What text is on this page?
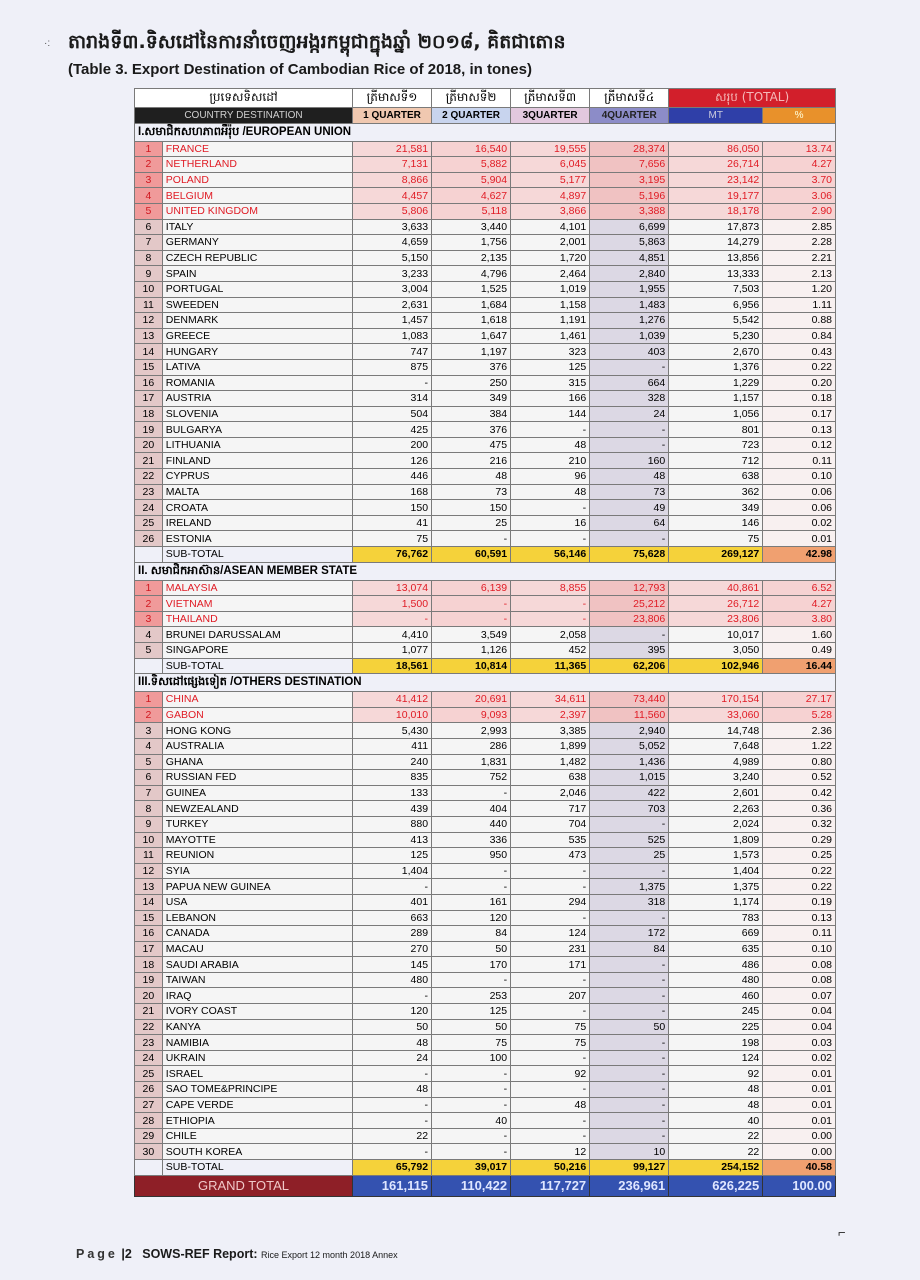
·: តារាងទី៣.ទិសដៅនៃការនាំចេញអង្ករកម្ពុជាក្នុងឆ្នាំ ២០១៨, គិតជាតោន
(Table 3. Export Destination of Cambodian Rice of 2018, in tones)
ប្រទេសទិសដៅ		ត្រីមាសទី១	ត្រីមាសទី២	ត្រីមាសទី៣	ត្រីមាសទី៤	សរុប (TOTAL)	
COUNTRY DESTINATION		1 QUARTER	2 QUARTER	3QUARTER	4QUARTER	MT	%
I.សមាជិកសហភាពអឺរ៉ុប /EUROPEAN UNION							
1	FRANCE	21,581	16,540	19,555	28,374	86,050	13.74
2	NETHERLAND	7,131	5,882	6,045	7,656	26,714	4.27
3	POLAND	8,866	5,904	5,177	3,195	23,142	3.70
4	BELGIUM	4,457	4,627	4,897	5,196	19,177	3.06
5	UNITED KINGDOM	5,806	5,118	3,866	3,388	18,178	2.90
6	ITALY	3,633	3,440	4,101	6,699	17,873	2.85
7	GERMANY	4,659	1,756	2,001	5,863	14,279	2.28
8	CZECH REPUBLIC	5,150	2,135	1,720	4,851	13,856	2.21
9	SPAIN	3,233	4,796	2,464	2,840	13,333	2.13
10	PORTUGAL	3,004	1,525	1,019	1,955	7,503	1.20
11	SWEEDEN	2,631	1,684	1,158	1,483	6,956	1.11
12	DENMARK	1,457	1,618	1,191	1,276	5,542	0.88
13	GREECE	1,083	1,647	1,461	1,039	5,230	0.84
14	HUNGARY	747	1,197	323	403	2,670	0.43
15	LATIVA	875	376	125	-	1,376	0.22
16	ROMANIA	-	250	315	664	1,229	0.20
17	AUSTRIA	314	349	166	328	1,157	0.18
18	SLOVENIA	504	384	144	24	1,056	0.17
19	BULGARYA	425	376	-	-	801	0.13
20	LITHUANIA	200	475	48	-	723	0.12
21	FINLAND	126	216	210	160	712	0.11
22	CYPRUS	446	48	96	48	638	0.10
23	MALTA	168	73	48	73	362	0.06
24	CROATA	150	150	-	49	349	0.06
25	IRELAND	41	25	16	64	146	0.02
26	ESTONIA	75	-	-	-	75	0.01
	SUB-TOTAL	76,762	60,591	56,146	75,628	269,127	42.98
II. សមាជិកអាស៊ាន/ASEAN MEMBER STATE							
1	MALAYSIA	13,074	6,139	8,855	12,793	40,861	6.52
2	VIETNAM	1,500	-	-	25,212	26,712	4.27
3	THAILAND	-	-	-	23,806	23,806	3.80
4	BRUNEI DARUSSALAM	4,410	3,549	2,058	-	10,017	1.60
5	SINGAPORE	1,077	1,126	452	395	3,050	0.49
	SUB-TOTAL	18,561	10,814	11,365	62,206	102,946	16.44
III.ទិសដៅផ្សេងទៀត /OTHERS DESTINATION							
1	CHINA	41,412	20,691	34,611	73,440	170,154	27.17
2	GABON	10,010	9,093	2,397	11,560	33,060	5.28
3	HONG KONG	5,430	2,993	3,385	2,940	14,748	2.36
4	AUSTRALIA	411	286	1,899	5,052	7,648	1.22
5	GHANA	240	1,831	1,482	1,436	4,989	0.80
6	RUSSIAN FED	835	752	638	1,015	3,240	0.52
7	GUINEA	133	-	2,046	422	2,601	0.42
8	NEWZEALAND	439	404	717	703	2,263	0.36
9	TURKEY	880	440	704	-	2,024	0.32
10	MAYOTTE	413	336	535	525	1,809	0.29
11	REUNION	125	950	473	25	1,573	0.25
12	SYIA	1,404	-	-	-	1,404	0.22
13	PAPUA NEW GUINEA	-	-	-	1,375	1,375	0.22
14	USA	401	161	294	318	1,174	0.19
15	LEBANON	663	120	-	-	783	0.13
16	CANADA	289	84	124	172	669	0.11
17	MACAU	270	50	231	84	635	0.10
18	SAUDI ARABIA	145	170	171	-	486	0.08
19	TAIWAN	480	-	-	-	480	0.08
20	IRAQ	-	253	207	-	460	0.07
21	IVORY COAST	120	125	-	-	245	0.04
22	KANYA	50	50	75	50	225	0.04
23	NAMIBIA	48	75	75	-	198	0.03
24	UKRAIN	24	100	-	-	124	0.02
25	ISRAEL	-	-	92	-	92	0.01
26	SAO TOME&PRINCIPE	48	-	-	-	48	0.01
27	CAPE VERDE	-	-	48	-	48	0.01
28	ETHIOPIA	-	40	-	-	40	0.01
29	CHILE	22	-	-	-	22	0.00
30	SOUTH KOREA	-	-	12	10	22	0.00
	SUB-TOTAL	65,792	39,017	50,216	99,127	254,152	40.58
GRAND TOTAL		161,115	110,422	117,727	236,961	626,225	100.00
Page |2 SOWS-REF Report: Rice Export 12 month 2018 Annex
⌐
